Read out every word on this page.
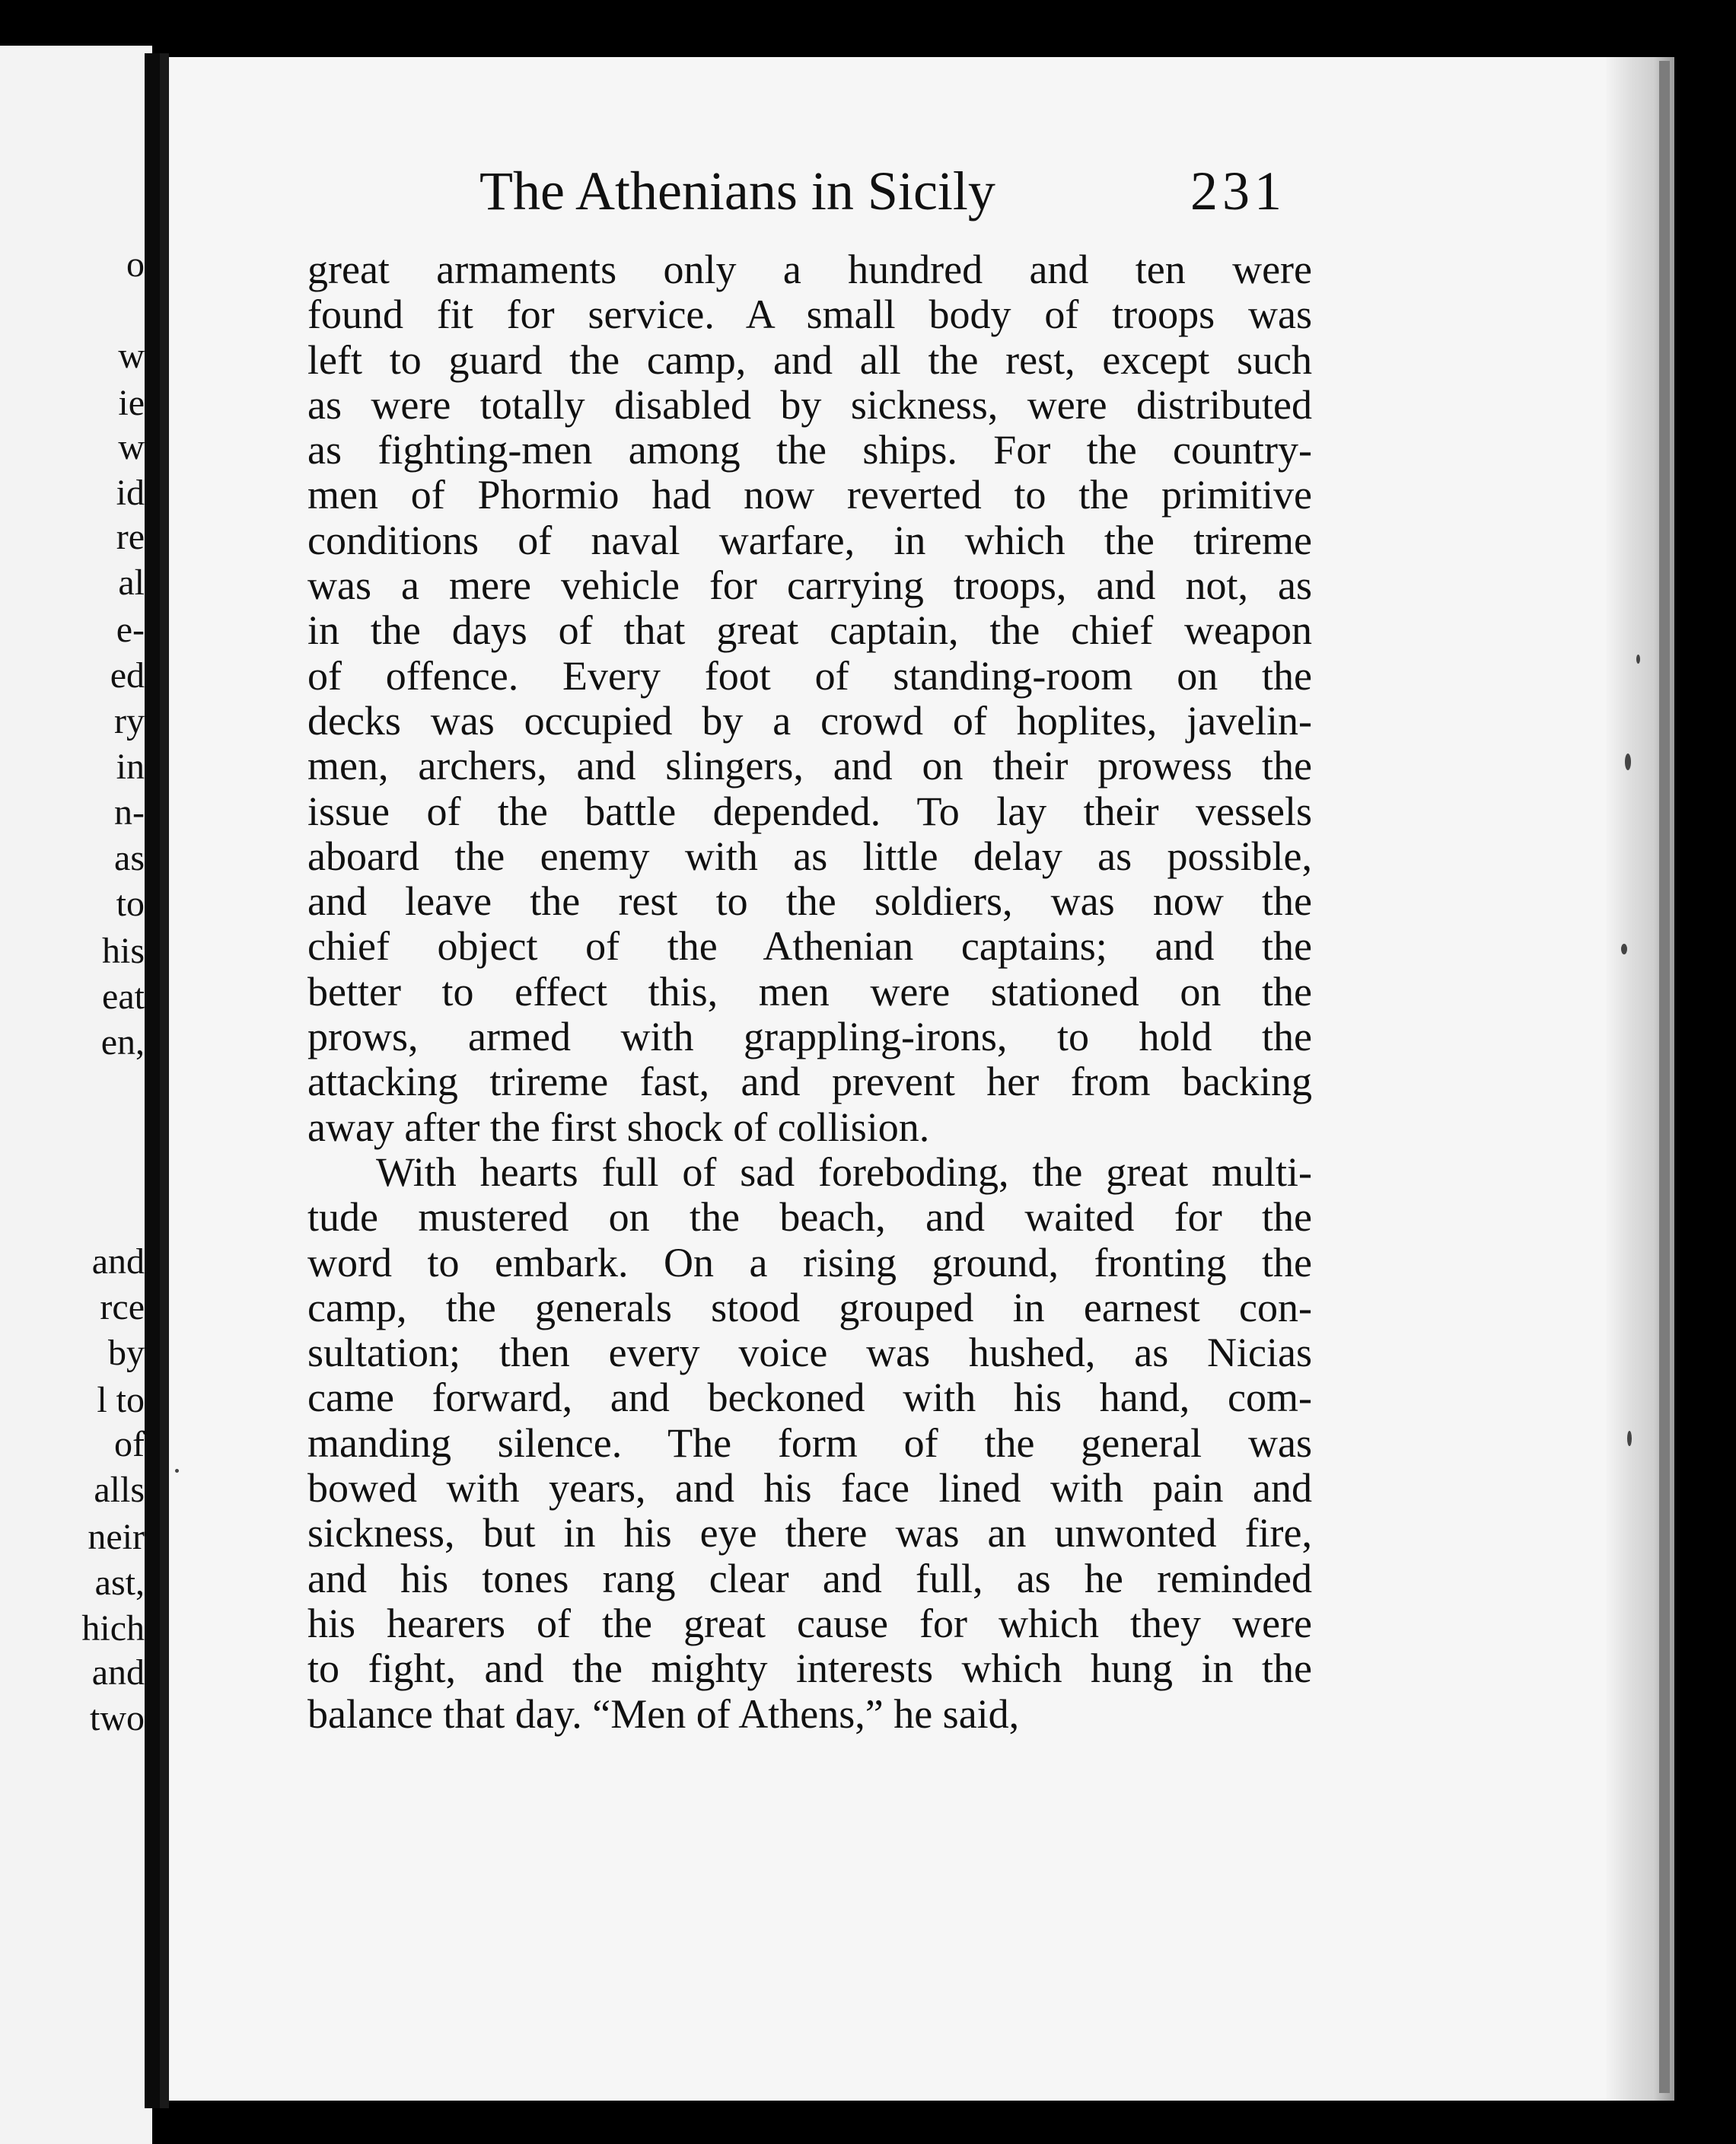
o
w
ie
w
id
re
al
e-
ed
ry
in
n-
as
to
his
eat
en,
and
rce
by
l to
of
alls
neir
ast,
hich
and
two
The Athenians in Sicily	231
great armaments only a hundred and ten were
found fit for service. A small body of troops was
left to guard the camp, and all the rest, except such
as were totally disabled by sickness, were distributed
as fighting-men among the ships. For the country-
men of Phormio had now reverted to the primitive
conditions of naval warfare, in which the trireme
was a mere vehicle for carrying troops, and not, as
in the days of that great captain, the chief weapon
of offence. Every foot of standing-room on the
decks was occupied by a crowd of hoplites, javelin-
men, archers, and slingers, and on their prowess the
issue of the battle depended. To lay their vessels
aboard the enemy with as little delay as possible,
and leave the rest to the soldiers, was now the
chief object of the Athenian captains; and the
better to effect this, men were stationed on the
prows, armed with grappling-irons, to hold the
attacking trireme fast, and prevent her from backing
away after the first shock of collision.
With hearts full of sad foreboding, the great multi-
tude mustered on the beach, and waited for the
word to embark. On a rising ground, fronting the
camp, the generals stood grouped in earnest con-
sultation; then every voice was hushed, as Nicias
came forward, and beckoned with his hand, com-
manding silence. The form of the general was
bowed with years, and his face lined with pain and
sickness, but in his eye there was an unwonted fire,
and his tones rang clear and full, as he reminded
his hearers of the great cause for which they were
to fight, and the mighty interests which hung in the
balance that day. “Men of Athens,” he said,
